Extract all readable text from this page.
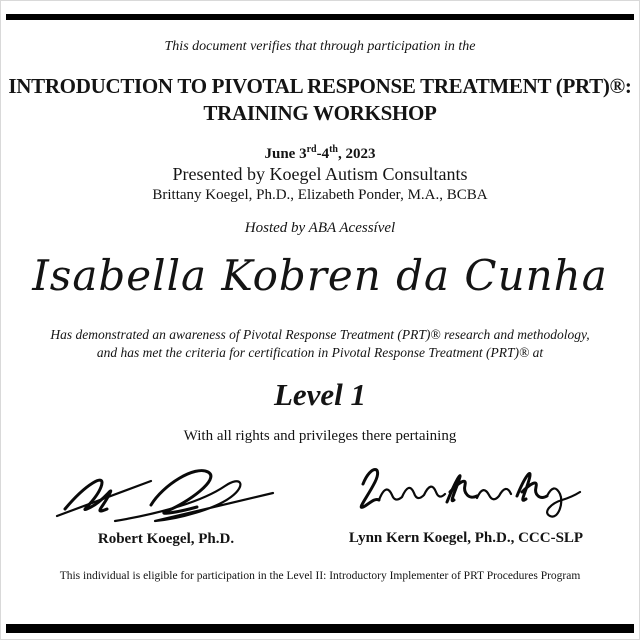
This document verifies that through participation in the
INTRODUCTION TO PIVOTAL RESPONSE TREATMENT (PRT)®:
TRAINING WORKSHOP
June 3rd-4th, 2023
Presented by Koegel Autism Consultants
Brittany Koegel, Ph.D., Elizabeth Ponder, M.A., BCBA
Hosted by ABA Acessível
Isabella Kobren da Cunha
Has demonstrated an awareness of Pivotal Response Treatment (PRT)® research and methodology,
and has met the criteria for certification in Pivotal Response Treatment (PRT)® at
Level 1
With all rights and privileges there pertaining
Robert Koegel, Ph.D.	Lynn Kern Koegel, Ph.D., CCC-SLP
This individual is eligible for participation in the Level II: Introductory Implementer of PRT Procedures Program
